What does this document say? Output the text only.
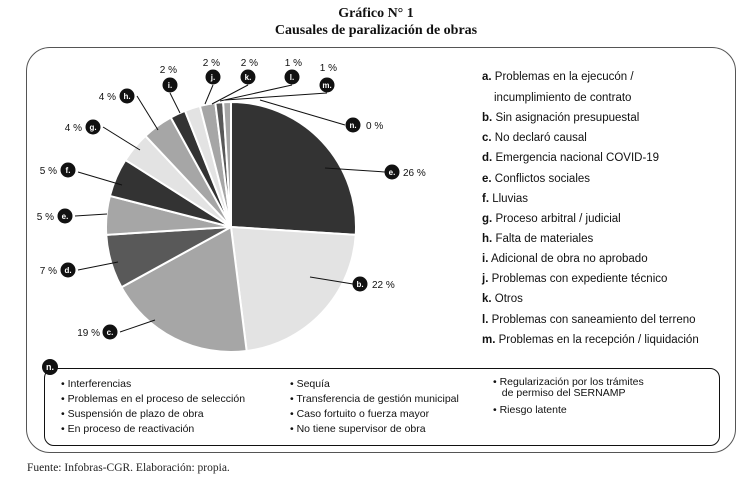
Gráfico N° 1
Causales de paralización de obras
n. 0 %
e. 26 %
b. 22 %
c.
19 %
d.
7 %
e.
5 %
f.
5 %
g.
4 %
h.
4 %
i.
2 %
j.
2 %
k.
2 %
l.
1 %
m.
1 %
a. Problemas en la ejecucón /
incumplimiento de contrato
b. Sin asignación presupuestal
c. No declaró causal
d. Emergencia nacional COVID-19
e. Conflictos sociales
f. Lluvias
g. Proceso arbitral / judicial
h. Falta de materiales
i. Adicional de obra no aprobado
j. Problemas con expediente técnico
k. Otros
l. Problemas con saneamiento del terreno
m. Problemas en la recepción / liquidación
• Interferencias
• Problemas en el proceso de selección
• Suspensión de plazo de obra
• En proceso de reactivación
• Sequía
• Transferencia de gestión municipal
• Caso fortuito o fuerza mayor
• No tiene supervisor de obra
• Regularización por los trámites
de permiso del SERNAMP
• Riesgo latente
n.
Fuente: Infobras-CGR. Elaboración: propia.
